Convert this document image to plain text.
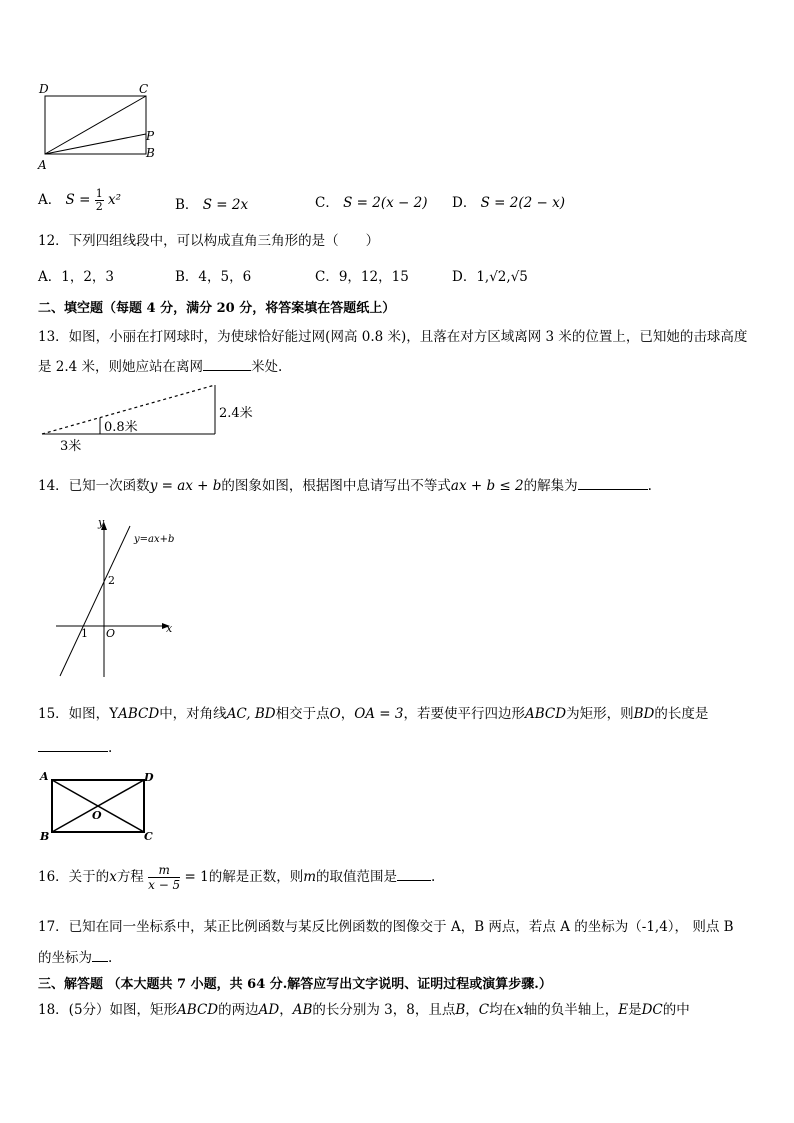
D	C
P
B
A
A． $S = \frac{1}{2} x^2$	B． S = 2x	C． S = 2(x − 2) D． S = 2(2 − x)
12．下列四组线段中，可以构成直角三角形的是（　　）
A．1，2，3	B．4，5，6	C．9，12，15	D．1,√2,√5
二、填空题（每题 4 分，满分 20 分，将答案填在答题纸上）
13．如图，小丽在打网球时，为使球恰好能过网(网高 0.8 米)，且落在对方区域离网 3 米的位置上，已知她的击球高度
是 2.4 米，则她应站在离网	米处.
0.8米
2.4米
3米
14．已知一次函数y = ax + b的图象如图，根据图中息请写出不等式ax + b ≤ 2的解集为	.
y
x
y=ax+b
2
1 O
15．如图，YABCD中，对角线AC, BD相交于点O，OA = 3，若要使平行四边形ABCD为矩形，则BD的长度是
.
A	D
B	C
O
16．关于的x方程 $\frac{m}{x - 5} = 1$的解是正数，则m的取值范围是	.
17．已知在同一坐标系中，某正比例函数与某反比例函数的图像交于 A，B 两点，若点 A 的坐标为（-1,4）， 则点 B
的坐标为 .
三、解答题 （本大题共 7 小题，共 64 分.解答应写出文字说明、证明过程或演算步骤.）
18．(5分）如图，矩形ABCD的两边AD，AB的长分别为 3，8，且点B，C均在x轴的负半轴上，E是DC的中
